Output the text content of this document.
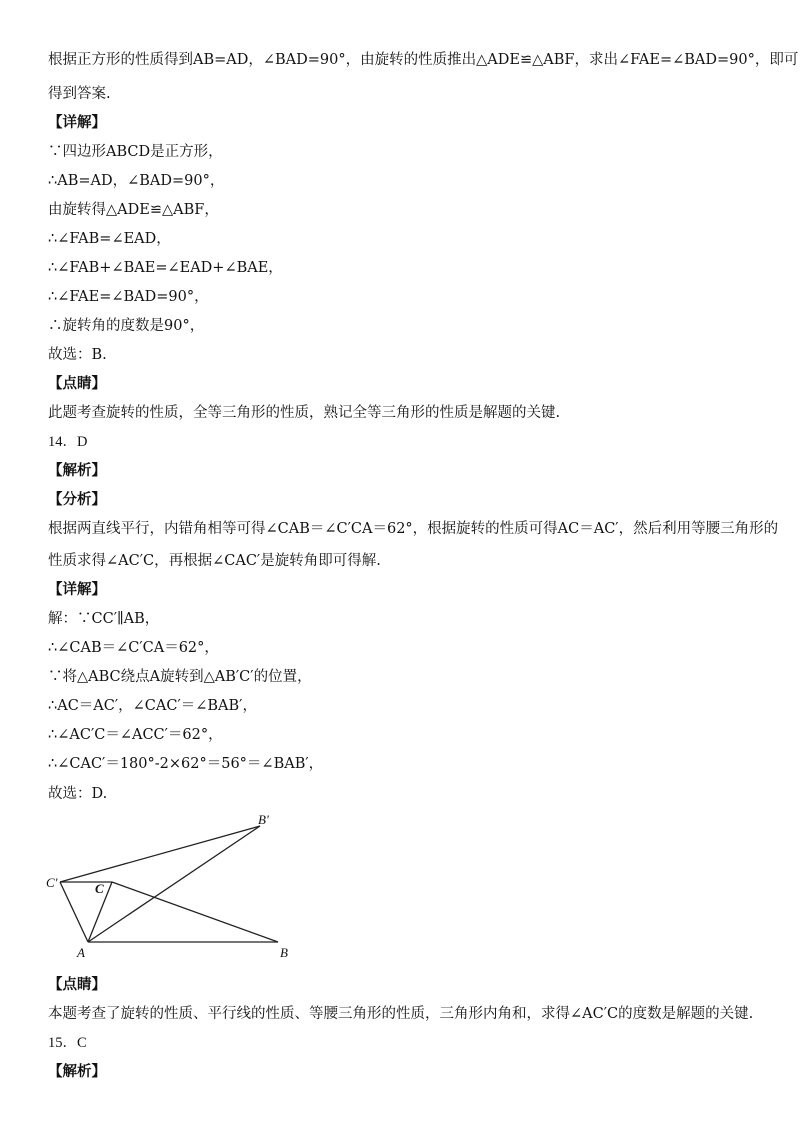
根据正方形的性质得到AB=AD，∠BAD=90°，由旋转的性质推出△ADE≌△ABF，求出∠FAE=∠BAD=90°，即可
得到答案.
【详解】
∵四边形ABCD是正方形，
∴AB=AD，∠BAD=90°，
由旋转得△ADE≌△ABF，
∴∠FAB=∠EAD，
∴∠FAB+∠BAE=∠EAD+∠BAE，
∴∠FAE=∠BAD=90°，
∴旋转角的度数是90°，
故选：B.
【点睛】
此题考查旋转的性质，全等三角形的性质，熟记全等三角形的性质是解题的关键.
14．D
【解析】
【分析】
根据两直线平行，内错角相等可得∠CAB＝∠C′CA＝62°，根据旋转的性质可得AC＝AC′，然后利用等腰三角形的
性质求得∠AC′C，再根据∠CAC′是旋转角即可得解.
【详解】
解：∵CC′∥AB，
∴∠CAB＝∠C′CA＝62°，
∵将△ABC绕点A旋转到△AB′C′的位置，
∴AC＝AC′，∠CAC′＝∠BAB′，
∴∠AC′C＝∠ACC′＝62°，
∴∠CAC′＝180°-2×62°＝56°＝∠BAB′，
故选：D.
B'
C'	C
A	B
【点睛】
本题考查了旋转的性质、平行线的性质、等腰三角形的性质，三角形内角和，求得∠AC′C的度数是解题的关键.
15．C
【解析】
